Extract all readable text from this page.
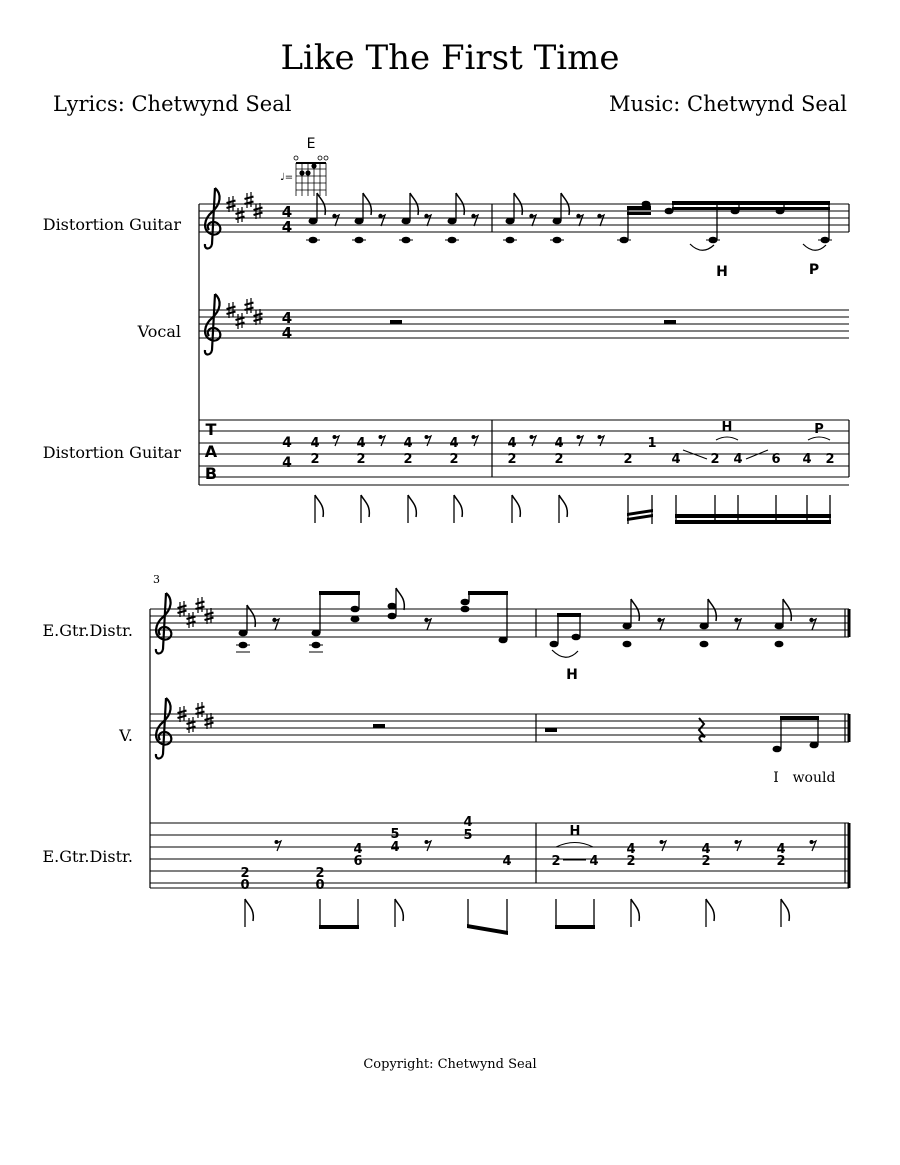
Like The First Time
Lyrics: Chetwynd Seal	Music: Chetwynd Seal
Distortion Guitar
Vocal
Distortion Guitar
E.Gtr.Distr.
V.
E.Gtr.Distr.
Copyright: Chetwynd Seal
E
♩=
4
4
H	P
4
4
T
A
B
4
4
4
2
4
2
4
2
4
2
4
2
4
2	2
1
4 2 4 6 4 2
H	P
3
H
I would
2
0
2
0
4
6
5
4
4
5
4	2 4
4
2
4
2
4
2
H
